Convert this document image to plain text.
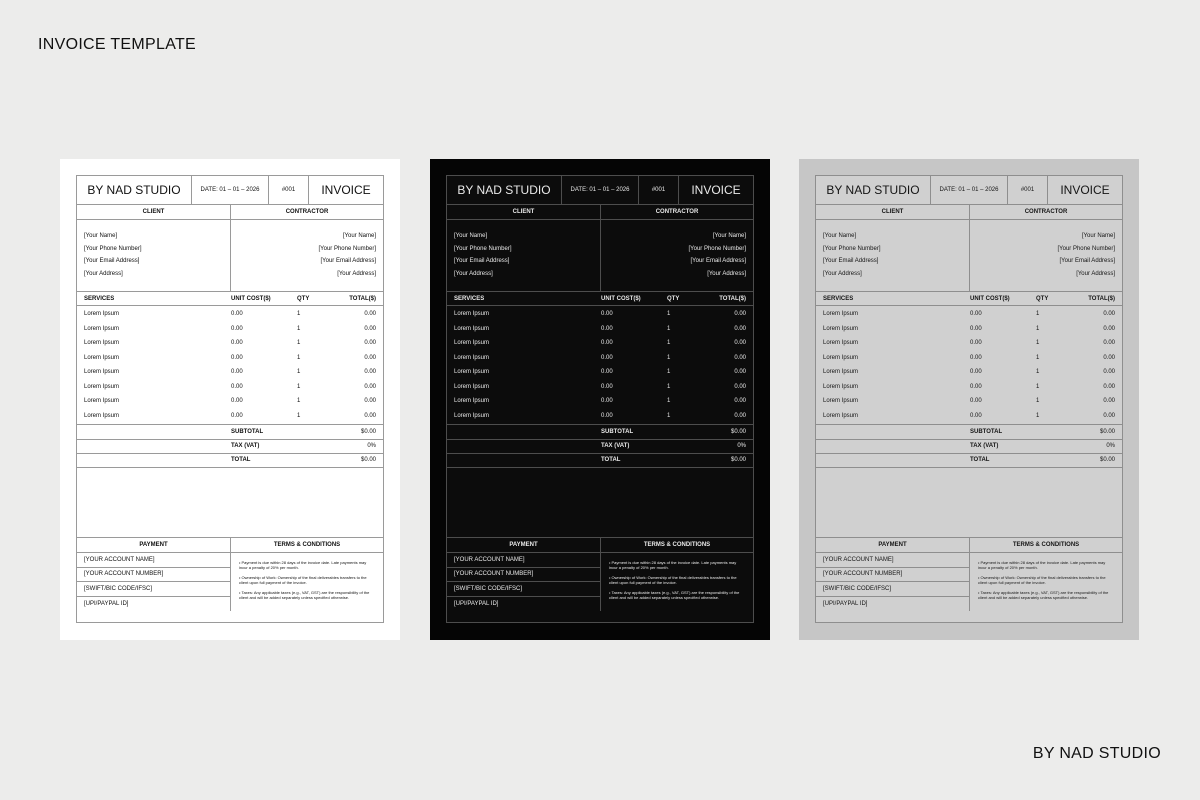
INVOICE TEMPLATE
BY NAD STUDIO
BY NAD STUDIO	DATE: 01 – 01 – 2026	#001	INVOICE
CLIENT	CONTRACTOR
[Your Name]
[Your Phone Number]
[Your Email Address]
[Your Address]
[Your Name]
[Your Phone Number]
[Your Email Address]
[Your Address]
SERVICES	UNIT COST($)	QTY	TOTAL($)
Lorem Ipsum	0.00	1	0.00
Lorem Ipsum	0.00	1	0.00
Lorem Ipsum	0.00	1	0.00
Lorem Ipsum	0.00	1	0.00
Lorem Ipsum	0.00	1	0.00
Lorem Ipsum	0.00	1	0.00
Lorem Ipsum	0.00	1	0.00
Lorem Ipsum	0.00	1	0.00
SUBTOTAL	$0.00
TAX (VAT)	0%
TOTAL	$0.00
PAYMENT	TERMS & CONDITIONS
[YOUR ACCOUNT NAME]
[YOUR ACCOUNT NUMBER]
[SWIFT/BIC CODE/IFSC]
[UPI/PAYPAL ID]

• Payment is due within 28 days of the invoice date. Late payments may incur a penalty of 20% per month.

• Ownership of Work: Ownership of the final deliverables transfers to the client upon full payment of the invoice.

• Taxes: Any applicable taxes (e.g., VAT, GST) are the responsibility of the client and will be added separately unless specified otherwise.

BY NAD STUDIO	DATE: 01 – 01 – 2026	#001	INVOICE
CLIENT	CONTRACTOR
[Your Name]
[Your Phone Number]
[Your Email Address]
[Your Address]
[Your Name]
[Your Phone Number]
[Your Email Address]
[Your Address]
SERVICES	UNIT COST($)	QTY	TOTAL($)
Lorem Ipsum	0.00	1	0.00
Lorem Ipsum	0.00	1	0.00
Lorem Ipsum	0.00	1	0.00
Lorem Ipsum	0.00	1	0.00
Lorem Ipsum	0.00	1	0.00
Lorem Ipsum	0.00	1	0.00
Lorem Ipsum	0.00	1	0.00
Lorem Ipsum	0.00	1	0.00
SUBTOTAL	$0.00
TAX (VAT)	0%
TOTAL	$0.00
PAYMENT	TERMS & CONDITIONS
[YOUR ACCOUNT NAME]
[YOUR ACCOUNT NUMBER]
[SWIFT/BIC CODE/IFSC]
[UPI/PAYPAL ID]

• Payment is due within 28 days of the invoice date. Late payments may incur a penalty of 20% per month.

• Ownership of Work: Ownership of the final deliverables transfers to the client upon full payment of the invoice.

• Taxes: Any applicable taxes (e.g., VAT, GST) are the responsibility of the client and will be added separately unless specified otherwise.

BY NAD STUDIO	DATE: 01 – 01 – 2026	#001	INVOICE
CLIENT	CONTRACTOR
[Your Name]
[Your Phone Number]
[Your Email Address]
[Your Address]
[Your Name]
[Your Phone Number]
[Your Email Address]
[Your Address]
SERVICES	UNIT COST($)	QTY	TOTAL($)
Lorem Ipsum	0.00	1	0.00
Lorem Ipsum	0.00	1	0.00
Lorem Ipsum	0.00	1	0.00
Lorem Ipsum	0.00	1	0.00
Lorem Ipsum	0.00	1	0.00
Lorem Ipsum	0.00	1	0.00
Lorem Ipsum	0.00	1	0.00
Lorem Ipsum	0.00	1	0.00
SUBTOTAL	$0.00
TAX (VAT)	0%
TOTAL	$0.00
PAYMENT	TERMS & CONDITIONS
[YOUR ACCOUNT NAME]
[YOUR ACCOUNT NUMBER]
[SWIFT/BIC CODE/IFSC]
[UPI/PAYPAL ID]

• Payment is due within 28 days of the invoice date. Late payments may incur a penalty of 20% per month.

• Ownership of Work: Ownership of the final deliverables transfers to the client upon full payment of the invoice.

• Taxes: Any applicable taxes (e.g., VAT, GST) are the responsibility of the client and will be added separately unless specified otherwise.
